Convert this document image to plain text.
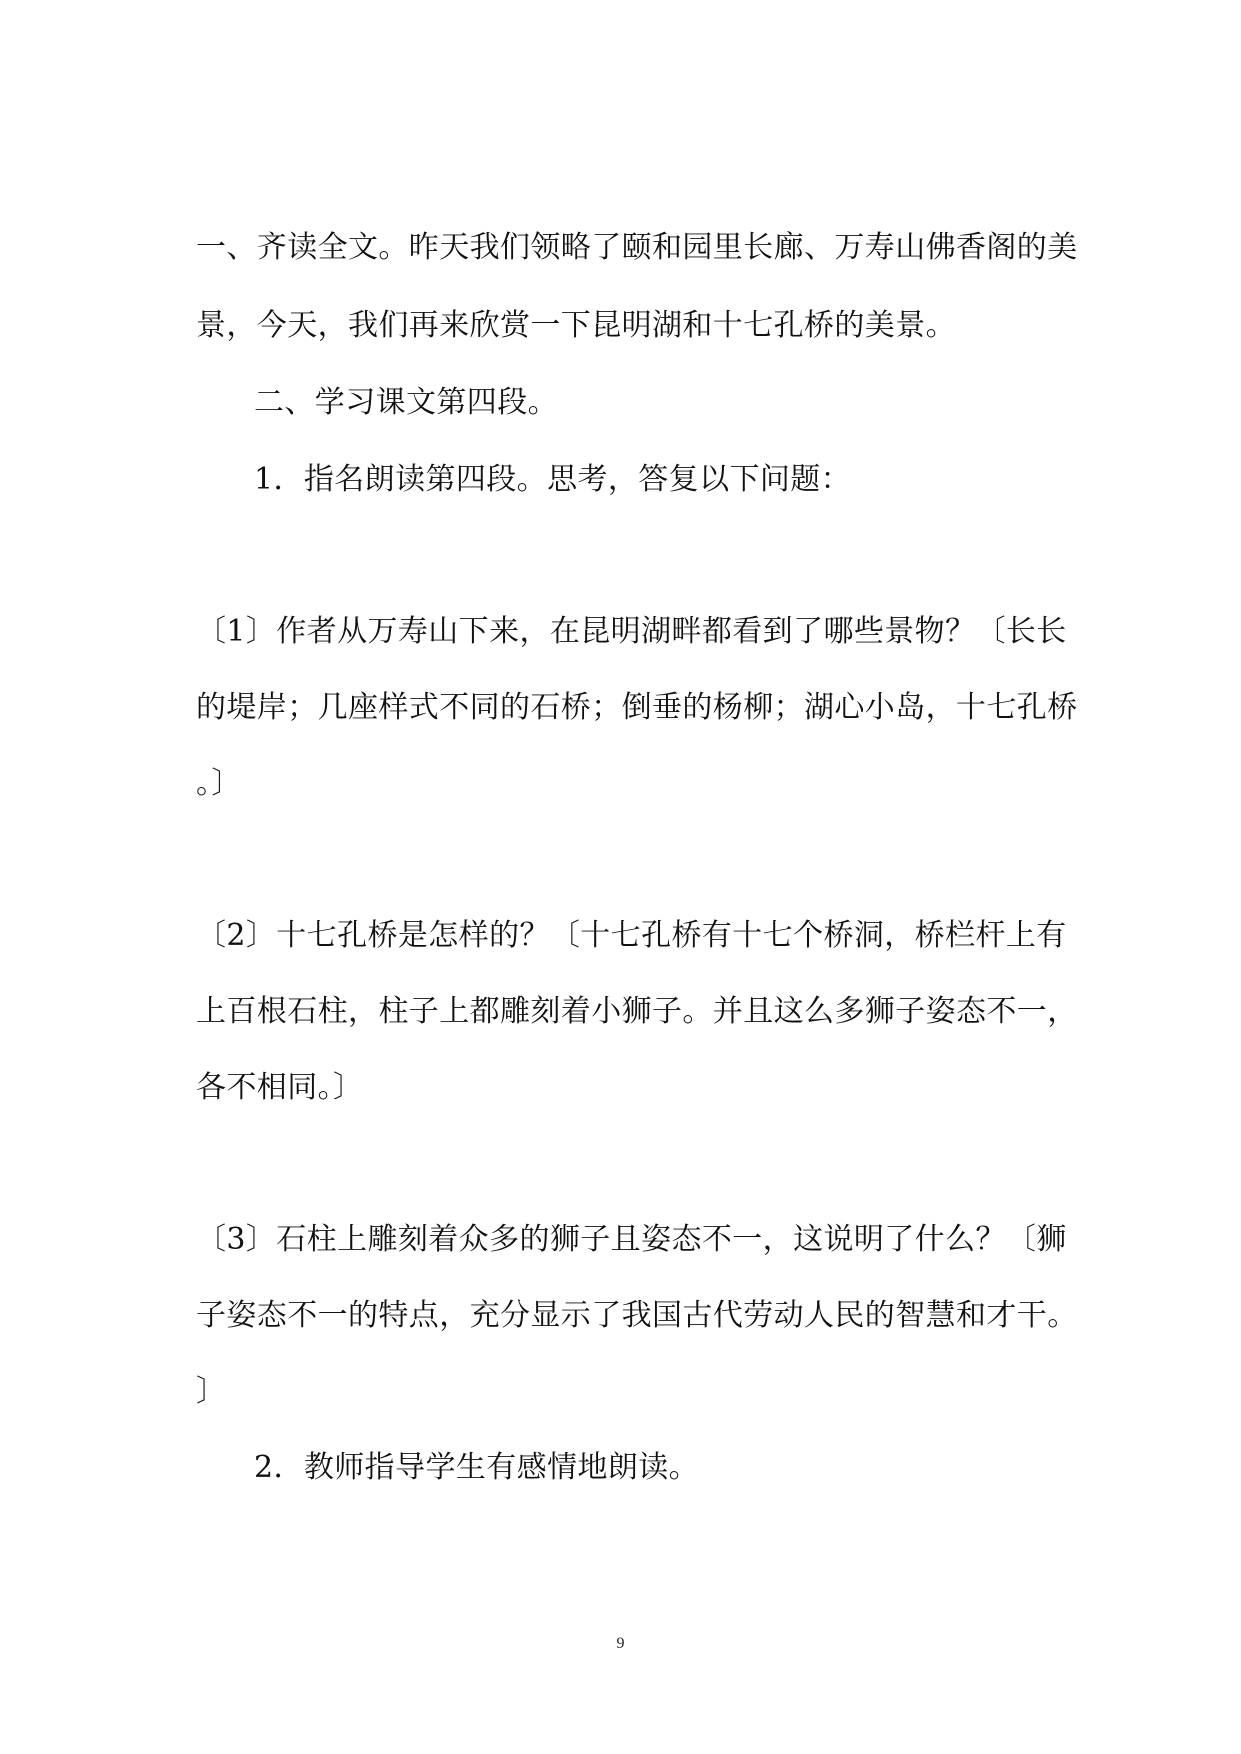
一、齐读全文。昨天我们领略了颐和园里长廊、万寿山佛香阁的美
景，今天，我们再来欣赏一下昆明湖和十七孔桥的美景。
二、学习课文第四段。
1．指名朗读第四段。思考，答复以下问题：
〔1〕作者从万寿山下来，在昆明湖畔都看到了哪些景物？〔长长
的堤岸；几座样式不同的石桥；倒垂的杨柳；湖心小岛，十七孔桥
。〕
〔2〕十七孔桥是怎样的？〔十七孔桥有十七个桥洞，桥栏杆上有
上百根石柱，柱子上都雕刻着小狮子。并且这么多狮子姿态不一，
各不相同。〕
〔3〕石柱上雕刻着众多的狮子且姿态不一，这说明了什么？〔狮
子姿态不一的特点，充分显示了我国古代劳动人民的智慧和才干。
〕
2．教师指导学生有感情地朗读。
9
